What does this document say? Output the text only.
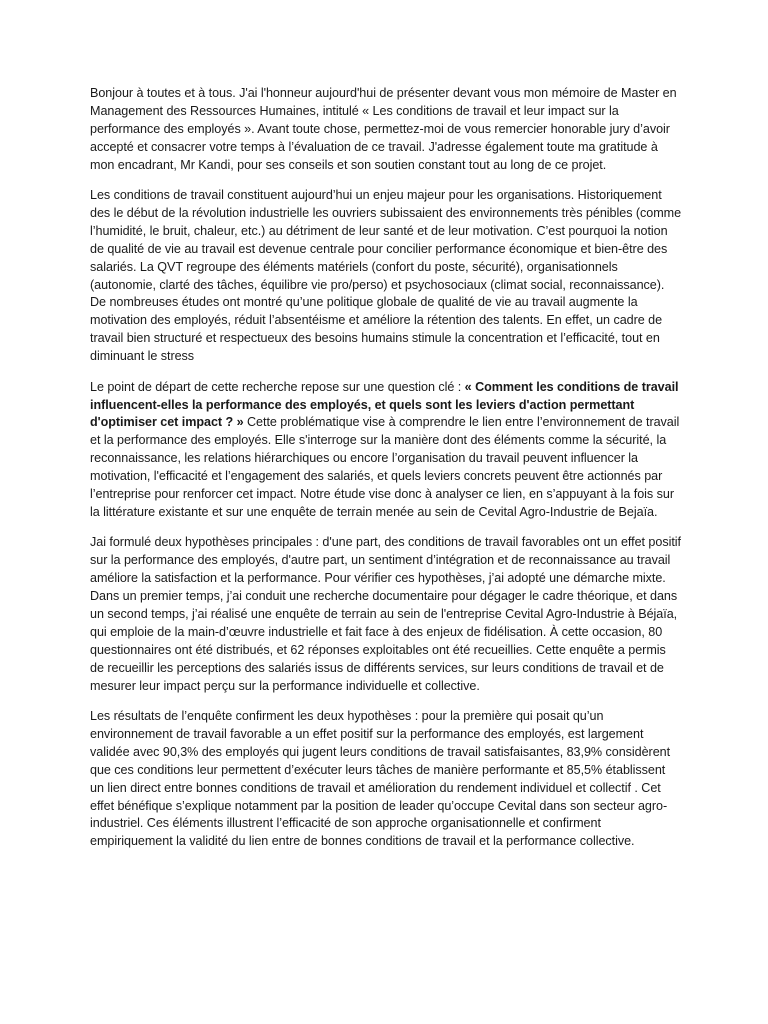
Bonjour à toutes et à tous. J'ai l'honneur aujourd'hui de présenter devant vous mon mémoire de Master en Management des Ressources Humaines, intitulé « Les conditions de travail et leur impact sur la performance des employés ». Avant toute chose, permettez-moi de vous remercier honorable jury d’avoir accepté et consacrer votre temps à l’évaluation de ce travail. J'adresse également toute ma gratitude à mon encadrant, Mr Kandi, pour ses conseils et son soutien constant tout au long de ce projet.

Les conditions de travail constituent aujourd’hui un enjeu majeur pour les organisations. Historiquement des le début de la révolution industrielle les ouvriers subissaient des environnements très pénibles (comme l’humidité, le bruit, chaleur, etc.) au détriment de leur santé et de leur motivation. C’est pourquoi la notion de qualité de vie au travail est devenue centrale pour concilier performance économique et bien-être des salariés. La QVT regroupe des éléments matériels (confort du poste, sécurité), organisationnels (autonomie, clarté des tâches, équilibre vie pro/perso) et psychosociaux (climat social, reconnaissance). De nombreuses études ont montré qu’une politique globale de qualité de vie au travail augmente la motivation des employés, réduit l’absentéisme et améliore la rétention des talents. En effet, un cadre de travail bien structuré et respectueux des besoins humains stimule la concentration et l’efficacité, tout en diminuant le stress

Le point de départ de cette recherche repose sur une question clé : « Comment les conditions de travail influencent-elles la performance des employés, et quels sont les leviers d'action permettant d'optimiser cet impact ? » Cette problématique vise à comprendre le lien entre l’environnement de travail et la performance des employés. Elle s'interroge sur la manière dont des éléments comme la sécurité, la reconnaissance, les relations hiérarchiques ou encore l’organisation du travail peuvent influencer la motivation, l'efficacité et l’engagement des salariés, et quels leviers concrets peuvent être actionnés par l’entreprise pour renforcer cet impact. Notre étude vise donc à analyser ce lien, en s’appuyant à la fois sur la littérature existante et sur une enquête de terrain menée au sein de Cevital Agro-Industrie de Bejaïa.

Jai formulé deux hypothèses principales : d'une part, des conditions de travail favorables ont un effet positif sur la performance des employés, d'autre part, un sentiment d’intégration et de reconnaissance au travail améliore la satisfaction et la performance. Pour vérifier ces hypothèses, j’ai adopté une démarche mixte. Dans un premier temps, j’ai conduit une recherche documentaire pour dégager le cadre théorique, et dans un second temps, j’ai réalisé une enquête de terrain au sein de l'entreprise Cevital Agro-Industrie à Béjaïa, qui emploie de la main-d’œuvre industrielle et fait face à des enjeux de fidélisation. À cette occasion, 80 questionnaires ont été distribués, et 62 réponses exploitables ont été recueillies. Cette enquête a permis de recueillir les perceptions des salariés issus de différents services, sur leurs conditions de travail et de mesurer leur impact perçu sur la performance individuelle et collective.

Les résultats de l’enquête confirment les deux hypothèses : pour la première qui posait qu’un environnement de travail favorable a un effet positif sur la performance des employés, est largement validée avec 90,3% des employés qui jugent leurs conditions de travail satisfaisantes, 83,9% considèrent que ces conditions leur permettent d’exécuter leurs tâches de manière performante et 85,5% établissent un lien direct entre bonnes conditions de travail et amélioration du rendement individuel et collectif . Cet effet bénéfique s’explique notamment par la position de leader qu’occupe Cevital dans son secteur agro-industriel. Ces éléments illustrent l’efficacité de son approche organisationnelle et confirment empiriquement la validité du lien entre de bonnes conditions de travail et la performance collective.
